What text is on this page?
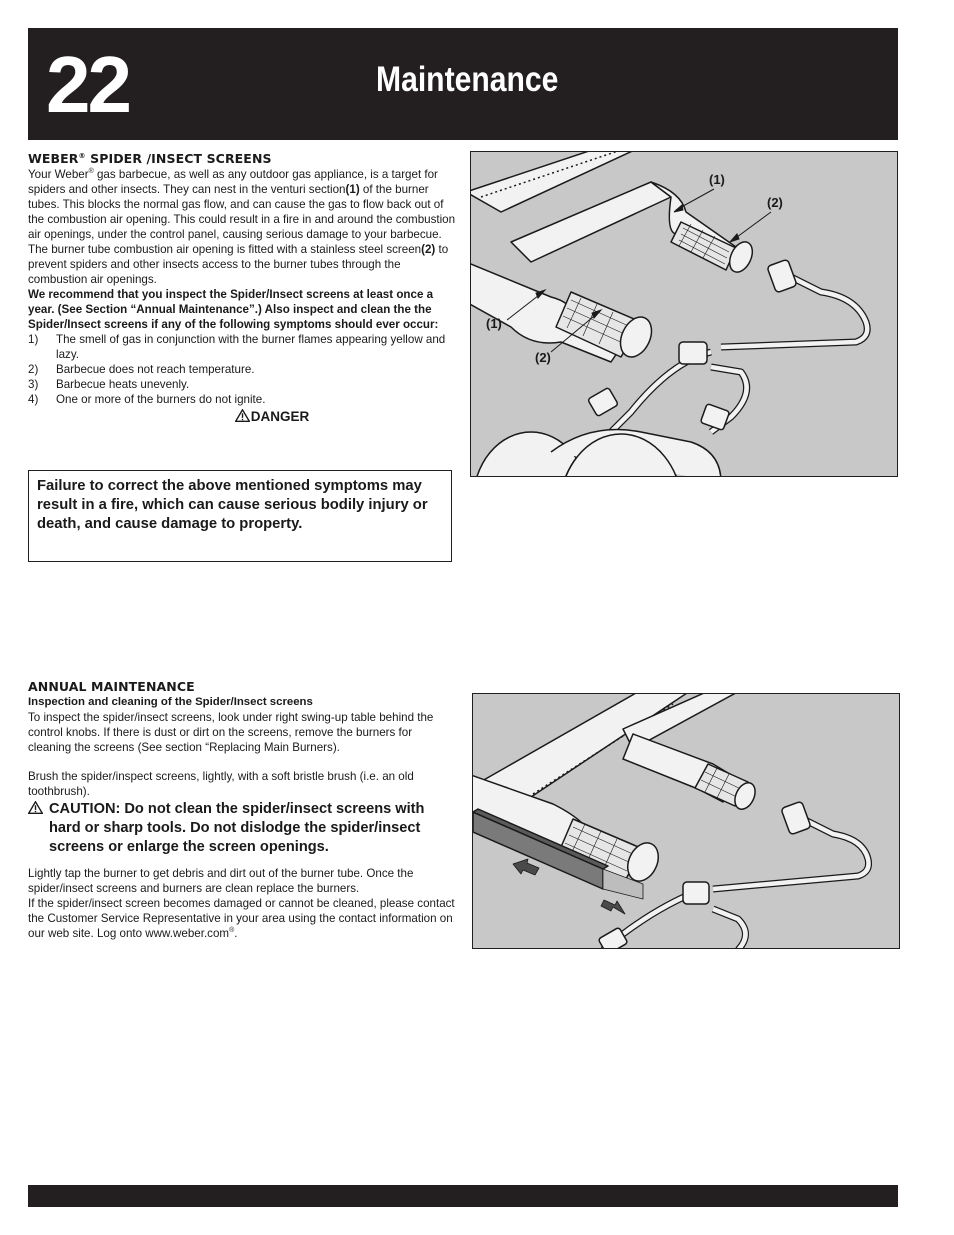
22	Maintenance
WEBER® SPIDER /INSECT SCREENS

Your Weber® gas barbecue, as well as any outdoor gas appliance, is a target for spiders and other insects. They can nest in the venturi section(1) of the burner tubes. This blocks the normal gas flow, and can cause the gas to flow back out of the combustion air opening. This could result in a fire in and around the combustion air openings, under the control panel, causing serious damage to your barbecue.

The burner tube combustion air opening is fitted with a stainless steel screen(2) to prevent spiders and other insects access to the burner tubes through the combustion air openings.

We recommend that you inspect the Spider/Insect screens at least once a year. (See Section “Annual Maintenance”.) Also inspect and clean the the Spider/Insect screens if any of the following symptoms should ever occur:

1) The smell of gas in conjunction with the burner flames appearing yellow and lazy.
2) Barbecue does not reach temperature.
3) Barbecue heats unevenly.
4) One or more of the burners do not ignite.
DANGER
Failure to correct the above mentioned symptoms may result in a fire, which can cause serious bodily injury or death, and cause damage to property.
(1)
(2)
(1)
(2)
ANNUAL MAINTENANCE

Inspection and cleaning of the Spider/Insect screens

To inspect the spider/insect screens, look under right swing-up table behind the control knobs. If there is dust or dirt on the screens, remove the burners for cleaning the screens (See section “Replacing Main Burners).

Brush the spider/inspect screens, lightly, with a soft bristle brush (i.e. an old toothbrush).

CAUTION: Do not clean the spider/insect screens with hard or sharp tools. Do not dislodge the spider/insect screens or enlarge the screen openings.

Lightly tap the burner to get debris and dirt out of the burner tube. Once the spider/insect screens and burners are clean replace the burners.

If the spider/insect screen becomes damaged or cannot be cleaned, please contact the Customer Service Representative in your area using the contact information on our web site. Log onto www.weber.com®.
